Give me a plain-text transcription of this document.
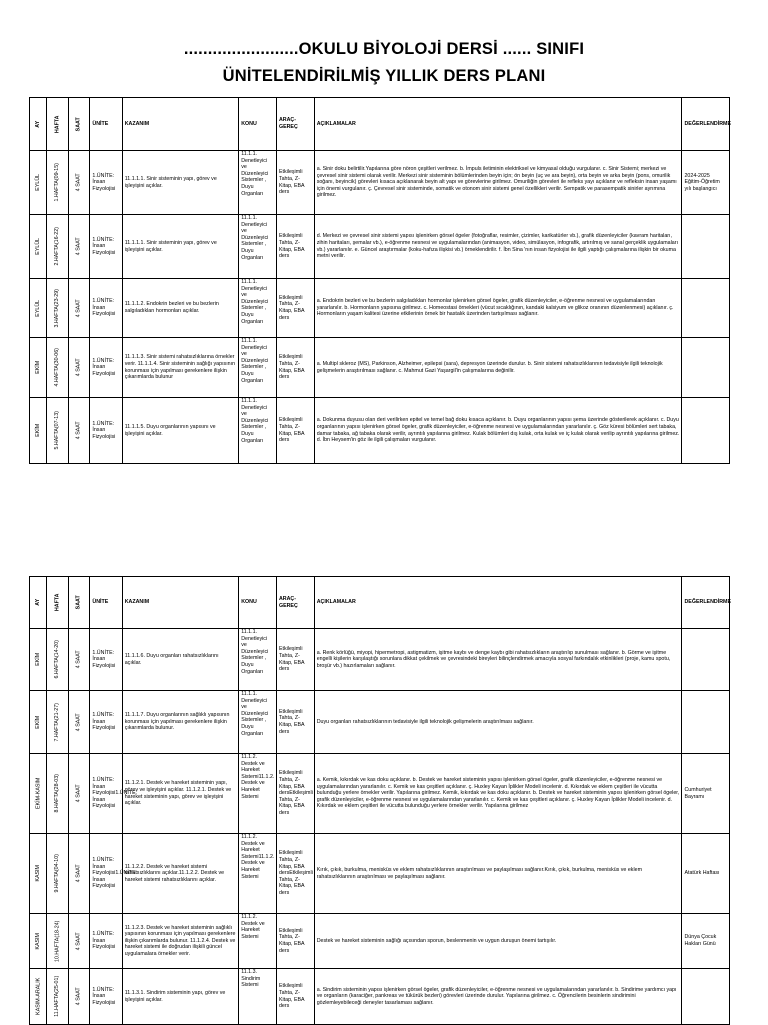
........................OKULU BİYOLOJİ DERSİ ...... SINIFI
ÜNİTELENDİRİLMİŞ YILLIK DERS PLANI
AY	HAFTA	SAAT	ÜNİTE	KAZANIM	KONU	ARAÇ-GEREÇ	AÇIKLAMALAR	DEĞERLENDİRME

EYLÜL	1.HAFTA(09-15)	4 SAAT	1.ÜNİTE: İnsan Fizyolojisi	11.1.1.1. Sinir sisteminin yapı, görev ve işleyişini açıklar.	11.1.1. Denetleyici ve Düzenleyici Sistemler , Duyu Organları	Etkileşimli Tahta, Z-Kitap, EBA ders	a. Sinir doku belirtilir.Yapılarına göre nöron çeşitleri verilmez. b. İmpuls iletiminin elektriksel ve kimyasal olduğu vurgulanır. c. Sinir Sistemi; merkezi ve çevresel sinir sistemi olarak verilir. Merkezi sinir sisteminin bölümlerinden beyin için; ön beyin (uç ve ara beyin), orta beyin ve arka beyin (pons, omurilik soğanı, beyincik) görevleri kısaca açıklanarak beyin alt yapı ve görevlerine girilmez. Omuriliğin görevleri ile refleks yayı açıklanır ve refleksin insan yaşamı için önemi vurgulanır. ç. Çevresel sinir sisteminde, somatik ve otonom sinir sistemi genel özellikleri verilir. Sempatik ve parasempatik sinirler ayrımına girilmez.	2024-2025 Eğitim-Öğretim yılı başlangıcı

EYLÜL	2.HAFTA(16-22)	4 SAAT	1.ÜNİTE: İnsan Fizyolojisi	11.1.1.1. Sinir sisteminin yapı, görev ve işleyişini açıklar.	11.1.1. Denetleyici ve Düzenleyici Sistemler , Duyu Organları	Etkileşimli Tahta, Z-Kitap, EBA ders	d. Merkezi ve çevresel sinir sistemi yapısı işlenirken görsel ögeler (fotoğraflar, resimler, çizimler, karikatürler vb.), grafik düzenleyiciler (kavram haritaları, zihin haritaları, şemalar vb.), e-öğrenme nesnesi ve uygulamalarından (animasyon, video, simülasyon, infografik, artırılmış ve sanal gerçeklik uygulamaları vb.) yararlanılır. e. Güncel araştırmalar (koku-hafıza ilişkisi vb.) örneklendirilir. f. İbn Sina 'nın insan fizyolojisi ile ilgili yaptığı çalışmalarına ilişkin bir okuma metni verilir.	

EYLÜL	3.HAFTA(23-29)	4 SAAT	1.ÜNİTE: İnsan Fizyolojisi	11.1.1.2. Endokrin bezleri ve bu bezlerin salgıladıkları hormonları açıklar.	11.1.1. Denetleyici ve Düzenleyici Sistemler , Duyu Organları	Etkileşimli Tahta, Z-Kitap, EBA ders	a. Endokrin bezleri ve bu bezlerin salgıladıkları hormonlar işlenirken görsel ögeler, grafik düzenleyiciler, e-öğrenme nesnesi ve uygulamalarından yararlanılır. b. Hormonların yapısına girilmez. c. Homeostasi örnekleri (vücut sıcaklığının, kandaki kalsiyum ve glikoz oranının düzenlenmesi) açıklanır. ç. Hormonların yaşam kalitesi üzerine etkilerinin örnek bir hastalık üzerinden tartışılması sağlanır.	

EKİM	4.HAFTA(30-06)	4 SAAT	1.ÜNİTE: İnsan Fizyolojisi	11.1.1.3. Sinir sistemi rahatsızlıklarına örnekler verir. 11.1.1.4. Sinir sisteminin sağlığı yapısının korunması için yapılması gerekenlere ilişkin çıkarımlarda bulunur	11.1.1. Denetleyici ve Düzenleyici Sistemler , Duyu Organları	Etkileşimli Tahta, Z-Kitap, EBA ders	a. Multipl skleroz (MS), Parkinson, Alzheimer, epilepsi (sara), depresyon üzerinde durulur. b. Sinir sistemi rahatsızlıklarının tedavisiyle ilgili teknolojik gelişmelerin araştırılması sağlanır. c. Mahmut Gazi Yaşargil'in çalışmalarına değinilir.	

EKİM	5.HAFTA(07-13)	4 SAAT	1.ÜNİTE: İnsan Fizyolojisi	11.1.1.5. Duyu organlarının yapısını ve işleyişini açıklar.	11.1.1. Denetleyici ve Düzenleyici Sistemler , Duyu Organları	Etkileşimli Tahta, Z-Kitap, EBA ders	a. Dokunma duyusu olan deri verilirken epitel ve temel bağ doku kısaca açıklanır. b. Duyu organlarının yapısı şema üzerinde gösterilerek açıklanır. c. Duyu organlarının yapısı işlenirken görsel ögeler, grafik düzenleyiciler, e-öğrenme nesnesi ve uygulamalarından yararlanılır. ç. Göz küresi bölümleri sert tabaka, damar tabaka, ağ tabaka olarak verilir, ayrıntılı yapılarına girilmez. Kulak bölümleri dış kulak, orta kulak ve iç kulak olarak verilip ayrıntılı yapılarına girilmez. d. İbn Heysem'in göz ile ilgili çalışmaları vurgulanır.	
AY	HAFTA	SAAT	ÜNİTE	KAZANIM	KONU	ARAÇ-GEREÇ	AÇIKLAMALAR	DEĞERLENDİRME

EKİM	6.HAFTA(14-20)	4 SAAT	1.ÜNİTE: İnsan Fizyolojisi	11.1.1.6. Duyu organları rahatsızlıklarını açıklar.	11.1.1. Denetleyici ve Düzenleyici Sistemler , Duyu Organları	Etkileşimli Tahta, Z-Kitap, EBA ders	a. Renk körlüğü, miyopi, hipermetropi, astigmatizm, işitme kaybı ve denge kaybı gibi rahatsızlıkların araştırılıp sunulması sağlanır. b. Görme ve işitme engelli kişilerin karşılaştığı sorunlara dikkat çekilmek ve çevresindeki bireyleri bilinçlendirmek amacıyla sosyal farkındalık etkinlikleri (proje, kamu spotu, broşür vb.) hazırlamaları sağlanır.	

EKİM	7.HAFTA(21-27)	4 SAAT	1.ÜNİTE: İnsan Fizyolojisi	11.1.1.7. Duyu organlarının sağlıklı yapısının korunması için yapılması gerekenlere ilişkin çıkarımlarda bulunur.	11.1.1. Denetleyici ve Düzenleyici Sistemler , Duyu Organları	Etkileşimli Tahta, Z-Kitap, EBA ders	Duyu organları rahatsızlıklarının tedavisiyle ilgili teknolojik gelişmelerin araştırılması sağlanır.	

EKİM-KASIM	8.HAFTA(28-03)	4 SAAT	1.ÜNİTE: İnsan Fizyolojisi1.ÜNİTE: İnsan Fizyolojisi	11.1.2.1. Destek ve hareket sisteminin yapı, görev ve işleyişini açıklar. 11.1.2.1. Destek ve hareket sisteminin yapı, görev ve işleyişini açıklar.	11.1.2. Destek ve Hareket Sistemi11.1.2. Destek ve Hareket Sistemi	Etkileşimli Tahta, Z-Kitap, EBA dersEtkileşimli Tahta, Z-Kitap, EBA ders	a. Kemik, kıkırdak ve kas doku açıklanır. b. Destek ve hareket sisteminin yapısı işlenirken görsel ögeler, grafik düzenleyiciler, e-öğrenme nesnesi ve uygulamalarından yararlanılır. c. Kemik ve kas çeşitleri açıklanır. ç. Huxley Kayan İplikler Modeli incelenir. d. Kıkırdak ve eklem çeşitleri ile vücutta bulunduğu yerlere örnekler verilir. Yapılarına girilmez. Kemik, kıkırdak ve kas doku açıklanır. b. Destek ve hareket sisteminin yapısı işlenirken görsel ögeler, grafik düzenleyiciler, e-öğrenme nesnesi ve uygulamalarından yararlanılır. c. Kemik ve kas çeşitleri açıklanır. ç. Huxley Kayan İplikler Modeli incelenir. d. Kıkırdak ve eklem çeşitleri ile vücutta bulunduğu yerlere örnekler verilir. Yapılarına girilmez	Cumhuriyet Bayramı

KASIM	9.HAFTA(04-10)	4 SAAT	1.ÜNİTE: İnsan Fizyolojisi1.ÜNİTE: İnsan Fizyolojisi	11.1.2.2. Destek ve hareket sistemi rahatsızlıklarını açıklar.11.1.2.2. Destek ve hareket sistemi rahatsızlıklarını açıklar.	11.1.2. Destek ve Hareket Sistemi11.1.2. Destek ve Hareket Sistemi	Etkileşimli Tahta, Z-Kitap, EBA dersEtkileşimli Tahta, Z-Kitap, EBA ders	Kırık, çıkık, burkulma, menisküs ve eklem rahatsızlıklarının araştırılması ve paylaşılması sağlanır.Kırık, çıkık, burkulma, menisküs ve eklem rahatsızlıklarının araştırılması ve paylaşılması sağlanır.	Atatürk Haftası

KASIM	10.HAFTA(18-24)	4 SAAT	1.ÜNİTE: İnsan Fizyolojisi	11.1.2.3. Destek ve hareket sisteminin sağlıklı yapısının korunması için yapılması gerekenlere ilişkin çıkarımlarda bulunur. 11.1.2.4. Destek ve hareket sistemi ile doğrudan ilişkili güncel uygulamalara örnekler verir.	11.1.2. Destek ve Hareket Sistemi	Etkileşimli Tahta, Z-Kitap, EBA ders	Destek ve hareket sisteminin sağlığı açısından sporun, beslenmenin ve uygun duruşun önemi tartışılır.	Dünya Çocuk Hakları Günü

KASIM-ARALIK	11.HAFTA(25-01)	4 SAAT	1.ÜNİTE: İnsan Fizyolojisi	11.1.3.1. Sindirim sisteminin yapı, görev ve işleyişini açıklar.	11.1.3. Sindirim Sistemi	Etkileşimli Tahta, Z-Kitap, EBA ders	a. Sindirim sisteminin yapısı işlenirken görsel ögeler, grafik düzenleyiciler, e-öğrenme nesnesi ve uygulamalarından yararlanılır. b. Sindirime yardımcı yapı ve organların (karaciğer, pankreas ve tükürük bezleri) görevleri üzerinde durulur. Yapılarına girilmez. c. Öğrencilerin besinlerin sindirimini gözlemleyebileceği deneyler tasarlaması sağlanır.	
